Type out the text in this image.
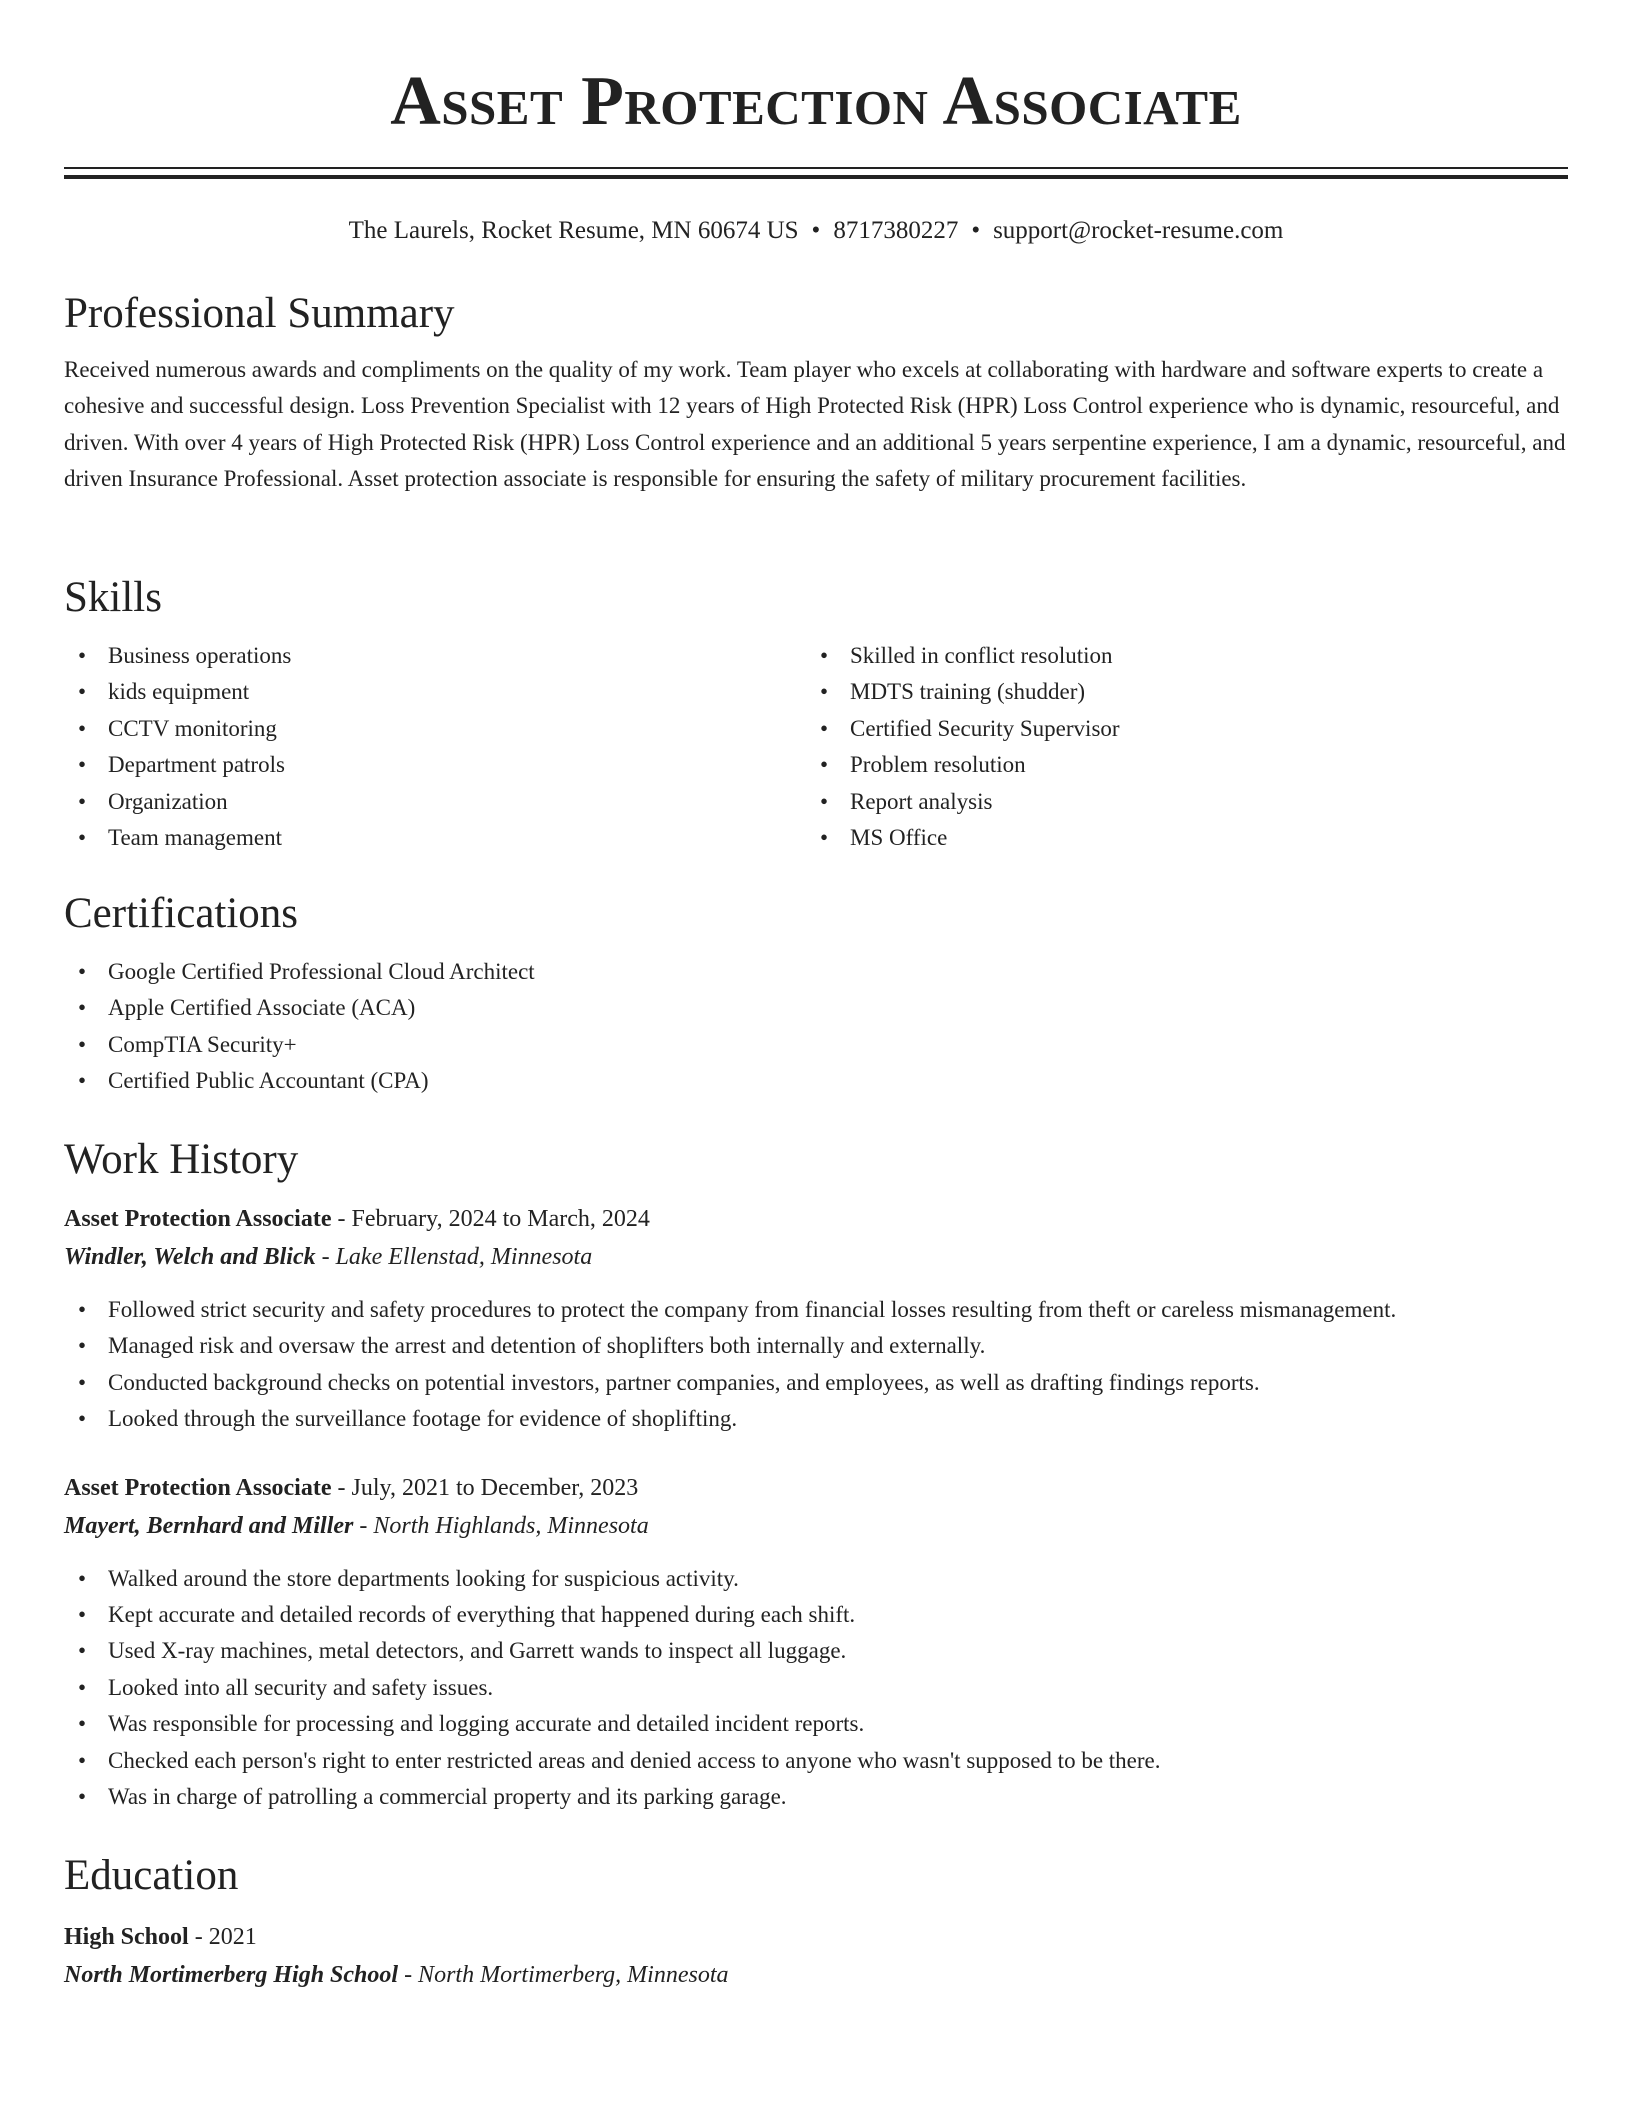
Asset Protection Associate
The Laurels, Rocket Resume, MN 60674 US • 8717380227 • support@rocket-resume.com
Professional Summary

Received numerous awards and compliments on the quality of my work. Team player who excels at collaborating with hardware and software experts to create a cohesive and successful design. Loss Prevention Specialist with 12 years of High Protected Risk (HPR) Loss Control experience who is dynamic, resourceful, and driven. With over 4 years of High Protected Risk (HPR) Loss Control experience and an additional 5 years serpentine experience, I am a dynamic, resourceful, and driven Insurance Professional. Asset protection associate is responsible for ensuring the safety of military procurement facilities.

Skills
• Business operations
• kids equipment
• CCTV monitoring
• Department patrols
• Organization
• Team management
• Skilled in conflict resolution
• MDTS training (shudder)
• Certified Security Supervisor
• Problem resolution
• Report analysis
• MS Office
Certifications
• Google Certified Professional Cloud Architect
• Apple Certified Associate (ACA)
• CompTIA Security+
• Certified Public Accountant (CPA)
Work History
Asset Protection Associate - February, 2024 to March, 2024
Windler, Welch and Blick - Lake Ellenstad, Minnesota
• Followed strict security and safety procedures to protect the company from financial losses resulting from theft or careless mismanagement.
• Managed risk and oversaw the arrest and detention of shoplifters both internally and externally.
• Conducted background checks on potential investors, partner companies, and employees, as well as drafting findings reports.
• Looked through the surveillance footage for evidence of shoplifting.
Asset Protection Associate - July, 2021 to December, 2023
Mayert, Bernhard and Miller - North Highlands, Minnesota
• Walked around the store departments looking for suspicious activity.
• Kept accurate and detailed records of everything that happened during each shift.
• Used X-ray machines, metal detectors, and Garrett wands to inspect all luggage.
• Looked into all security and safety issues.
• Was responsible for processing and logging accurate and detailed incident reports.
• Checked each person's right to enter restricted areas and denied access to anyone who wasn't supposed to be there.
• Was in charge of patrolling a commercial property and its parking garage.
Education
High School - 2021
North Mortimerberg High School - North Mortimerberg, Minnesota
